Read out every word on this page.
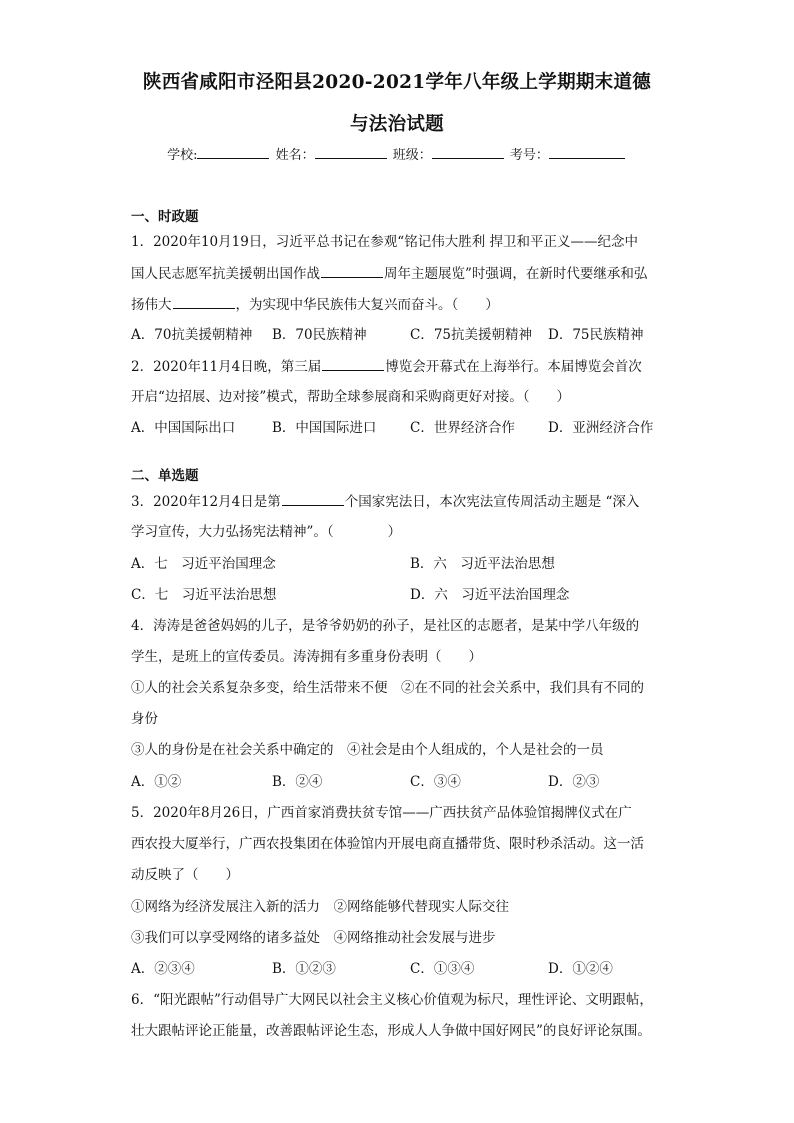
陕西省咸阳市泾阳县2020-2021学年八年级上学期期末道德
与法治试题
学校:	姓名：	班级：	考号：
一、时政题
1．2020年10月19日，习近平总书记在参观“铭记伟大胜利 捍卫和平正义——纪念中
国人民志愿军抗美援朝出国作战	周年主题展览”时强调，在新时代要继承和弘
扬伟大	，为实现中华民族伟大复兴而奋斗。（　　）
A．70抗美援朝精神 B．70民族精神	C．75抗美援朝精神 D．75民族精神
2．2020年11月4日晚，第三届	博览会开幕式在上海举行。本届博览会首次
开启“边招展、边对接”模式，帮助全球参展商和采购商更好对接。（　　）
A．中国国际出口	B．中国国际进口 C．世界经济合作 D．亚洲经济合作
二、单选题
3．2020年12月4日是第	个国家宪法日，本次宪法宣传周活动主题是 “深入
学习宣传，大力弘扬宪法精神”。（　　　　）
A．七　习近平治国理念	B．六　习近平法治思想
C．七　习近平法治思想	D．六　习近平法治国理念
4．涛涛是爸爸妈妈的儿子，是爷爷奶奶的孙子，是社区的志愿者，是某中学八年级的
学生，是班上的宣传委员。涛涛拥有多重身份表明（　　）
①人的社会关系复杂多变，给生活带来不便　②在不同的社会关系中，我们具有不同的
身份
③人的身份是在社会关系中确定的　④社会是由个人组成的，个人是社会的一员
A．①②	B．②④	C．③④	D．②③
5．2020年8月26日，广西首家消费扶贫专馆——广西扶贫产品体验馆揭牌仪式在广
西农投大厦举行，广西农投集团在体验馆内开展电商直播带货、限时秒杀活动。这一活
动反映了（　　）
①网络为经济发展注入新的活力　②网络能够代替现实人际交往
③我们可以享受网络的诸多益处　④网络推动社会发展与进步
A．②③④	B．①②③	C．①③④	D．①②④
6．“阳光跟帖”行动倡导广大网民以社会主义核心价值观为标尺，理性评论、文明跟帖，
壮大跟帖评论正能量，改善跟帖评论生态，形成人人争做中国好网民”的良好评论氛围。
